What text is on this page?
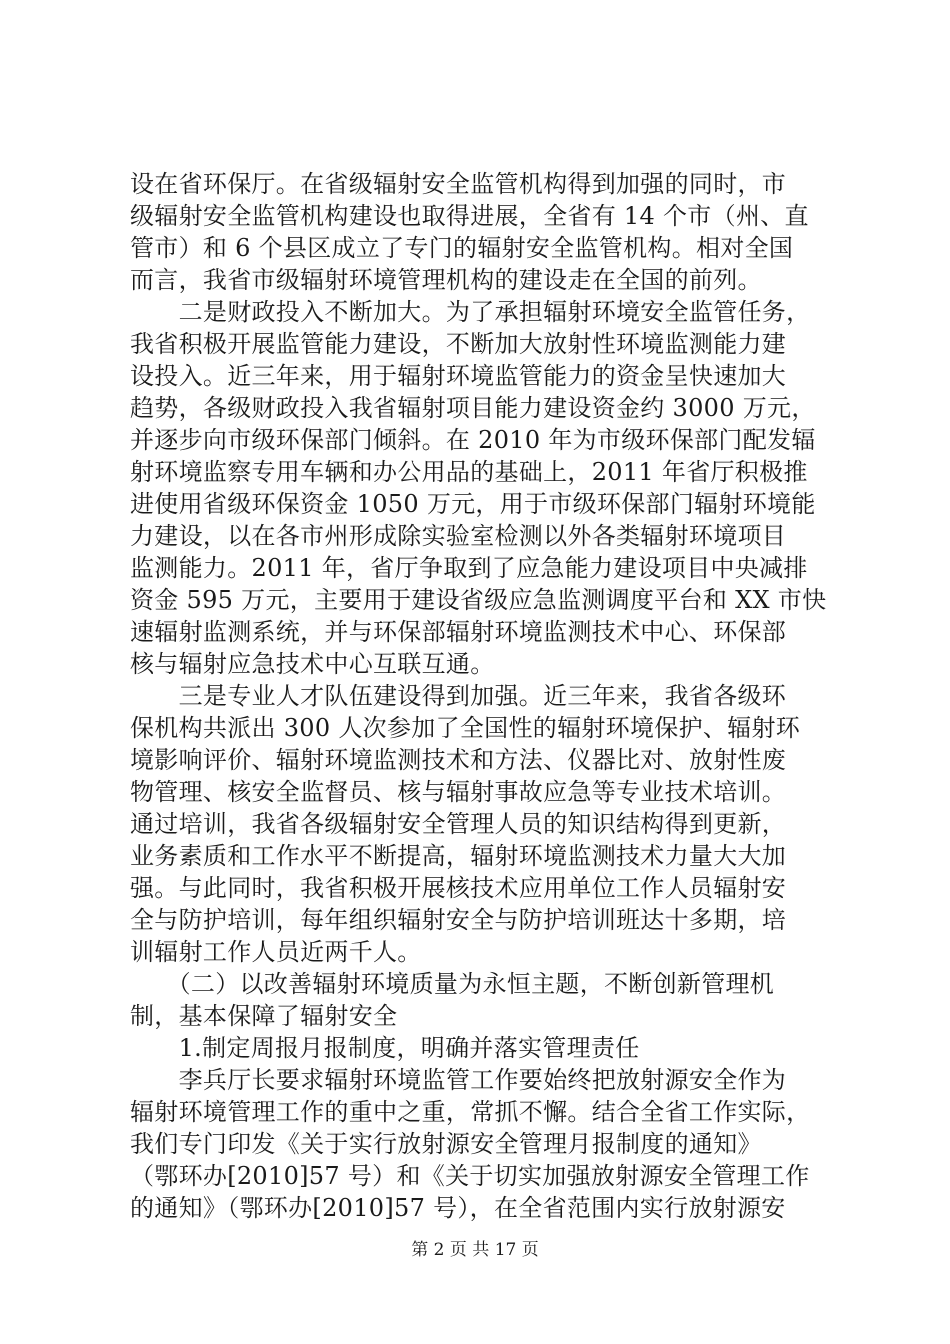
设在省环保厅。在省级辐射安全监管机构得到加强的同时，市
级辐射安全监管机构建设也取得进展，全省有 14 个市（州、直
管市）和 6 个县区成立了专门的辐射安全监管机构。相对全国
而言，我省市级辐射环境管理机构的建设走在全国的前列。
　　二是财政投入不断加大。为了承担辐射环境安全监管任务，
我省积极开展监管能力建设，不断加大放射性环境监测能力建
设投入。近三年来，用于辐射环境监管能力的资金呈快速加大
趋势，各级财政投入我省辐射项目能力建设资金约 3000 万元，
并逐步向市级环保部门倾斜。在 2010 年为市级环保部门配发辐
射环境监察专用车辆和办公用品的基础上，2011 年省厅积极推
进使用省级环保资金 1050 万元，用于市级环保部门辐射环境能
力建设，以在各市州形成除实验室检测以外各类辐射环境项目
监测能力。2011 年，省厅争取到了应急能力建设项目中央减排
资金 595 万元，主要用于建设省级应急监测调度平台和 XX 市快
速辐射监测系统，并与环保部辐射环境监测技术中心、环保部
核与辐射应急技术中心互联互通。
　　三是专业人才队伍建设得到加强。近三年来，我省各级环
保机构共派出 300 人次参加了全国性的辐射环境保护、辐射环
境影响评价、辐射环境监测技术和方法、仪器比对、放射性废
物管理、核安全监督员、核与辐射事故应急等专业技术培训。
通过培训，我省各级辐射安全管理人员的知识结构得到更新，
业务素质和工作水平不断提高，辐射环境监测技术力量大大加
强。与此同时，我省积极开展核技术应用单位工作人员辐射安
全与防护培训，每年组织辐射安全与防护培训班达十多期，培
训辐射工作人员近两千人。
　　（二）以改善辐射环境质量为永恒主题，不断创新管理机
制，基本保障了辐射安全
　　1.制定周报月报制度，明确并落实管理责任
　　李兵厅长要求辐射环境监管工作要始终把放射源安全作为
辐射环境管理工作的重中之重，常抓不懈。结合全省工作实际，
我们专门印发《关于实行放射源安全管理月报制度的通知》
（鄂环办[2010]57 号）和《关于切实加强放射源安全管理工作
的通知》（鄂环办[2010]57 号），在全省范围内实行放射源安
第 2 页 共 17 页
